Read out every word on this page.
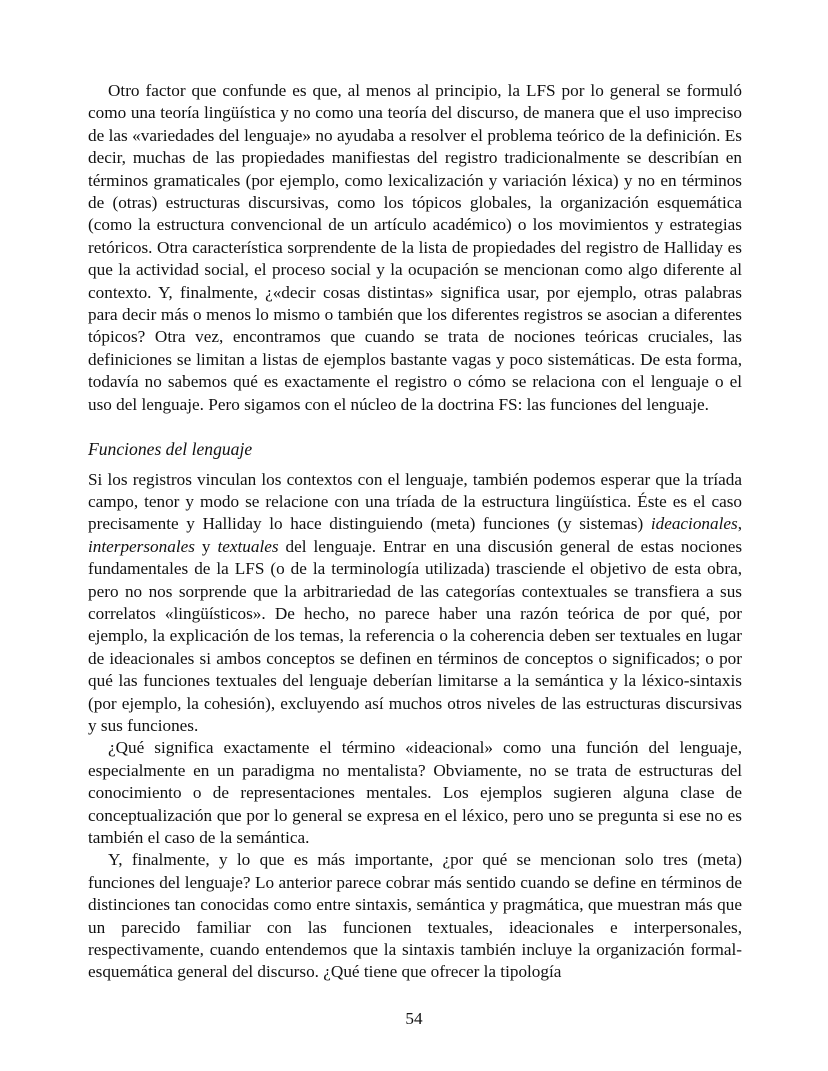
Otro factor que confunde es que, al menos al principio, la LFS por lo general se formuló como una teoría lingüística y no como una teoría del discurso, de manera que el uso impreciso de las «variedades del lenguaje» no ayudaba a resolver el problema teórico de la definición. Es decir, muchas de las propiedades manifiestas del registro tradicionalmente se describían en términos gramaticales (por ejemplo, como lexicalización y variación léxica) y no en términos de (otras) estructuras discursivas, como los tópicos globales, la organización esquemática (como la estructura convencional de un artículo académico) o los movimientos y estrategias retóricos. Otra característica sorprendente de la lista de propiedades del registro de Halliday es que la actividad social, el proceso social y la ocupación se mencionan como algo diferente al contexto. Y, finalmente, ¿«decir cosas distintas» significa usar, por ejemplo, otras palabras para decir más o menos lo mismo o también que los diferentes registros se asocian a diferentes tópicos? Otra vez, encontramos que cuando se trata de nociones teóricas cruciales, las definiciones se limitan a listas de ejemplos bastante vagas y poco sistemáticas. De esta forma, todavía no sabemos qué es exactamente el registro o cómo se relaciona con el lenguaje o el uso del lenguaje. Pero sigamos con el núcleo de la doctrina FS: las funciones del lenguaje.

Funciones del lenguaje

Si los registros vinculan los contextos con el lenguaje, también podemos esperar que la tríada campo, tenor y modo se relacione con una tríada de la estructura lingüística. Éste es el caso precisamente y Halliday lo hace distinguiendo (meta) funciones (y sistemas) ideacionales, interpersonales y textuales del lenguaje. Entrar en una discusión general de estas nociones fundamentales de la LFS (o de la terminología utilizada) trasciende el objetivo de esta obra, pero no nos sorprende que la arbitrariedad de las categorías contextuales se transfiera a sus correlatos «lingüísticos». De hecho, no parece haber una razón teórica de por qué, por ejemplo, la explicación de los temas, la referencia o la coherencia deben ser textuales en lugar de ideacionales si ambos conceptos se definen en términos de conceptos o significados; o por qué las funciones textuales del lenguaje deberían limitarse a la semántica y la léxico-sintaxis (por ejemplo, la cohesión), excluyendo así muchos otros niveles de las estructuras discursivas y sus funciones.

¿Qué significa exactamente el término «ideacional» como una función del lenguaje, especialmente en un paradigma no mentalista? Obviamente, no se trata de estructuras del conocimiento o de representaciones mentales. Los ejemplos sugieren alguna clase de conceptualización que por lo general se expresa en el léxico, pero uno se pregunta si ese no es también el caso de la semántica.

Y, finalmente, y lo que es más importante, ¿por qué se mencionan solo tres (meta) funciones del lenguaje? Lo anterior parece cobrar más sentido cuando se define en términos de distinciones tan conocidas como entre sintaxis, semántica y pragmática, que muestran más que un parecido familiar con las funcionen textuales, ideacionales e interpersonales, respectivamente, cuando entendemos que la sintaxis también incluye la organización formal-esquemática general del discurso. ¿Qué tiene que ofrecer la tipología

54
